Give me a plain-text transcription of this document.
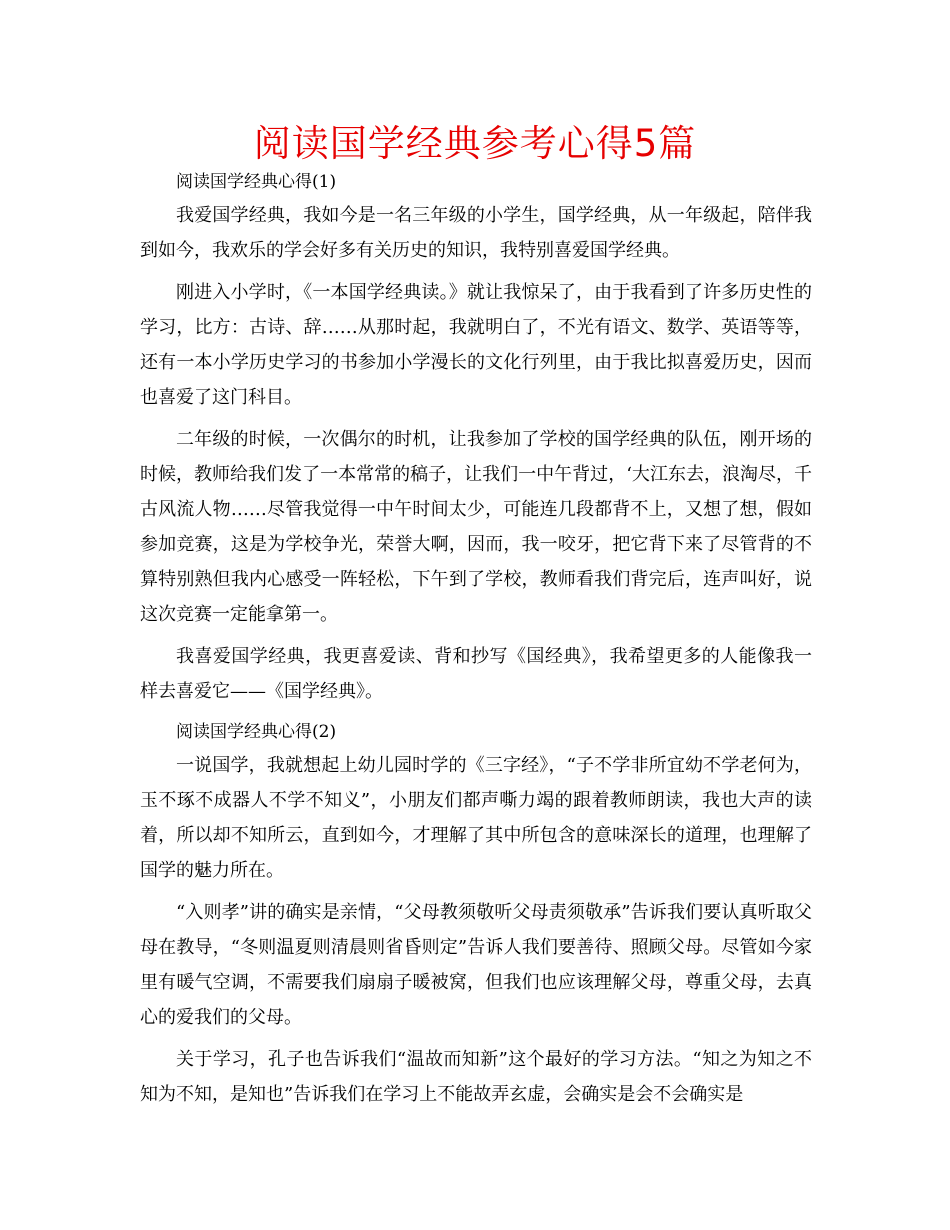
阅读国学经典参考心得5篇

阅读国学经典心得(1)

我爱国学经典，我如今是一名三年级的小学生，国学经典，从一年级起，陪伴我到如今，我欢乐的学会好多有关历史的知识，我特别喜爱国学经典。

刚进入小学时，《一本国学经典读。》就让我惊呆了，由于我看到了许多历史性的学习，比方：古诗、辞……从那时起，我就明白了，不光有语文、数学、英语等等，还有一本小学历史学习的书参加小学漫长的文化行列里，由于我比拟喜爱历史，因而也喜爱了这门科目。

二年级的时候，一次偶尔的时机，让我参加了学校的国学经典的队伍，刚开场的时候，教师给我们发了一本常常的稿子，让我们一中午背过，‘大江东去，浪淘尽，千古风流人物……尽管我觉得一中午时间太少，可能连几段都背不上，又想了想，假如参加竞赛，这是为学校争光，荣誉大啊，因而，我一咬牙，把它背下来了尽管背的不算特别熟但我内心感受一阵轻松，下午到了学校，教师看我们背完后，连声叫好，说这次竞赛一定能拿第一。

我喜爱国学经典，我更喜爱读、背和抄写《国经典》，我希望更多的人能像我一样去喜爱它——《国学经典》。

阅读国学经典心得(2)

一说国学，我就想起上幼儿园时学的《三字经》，“子不学非所宜幼不学老何为，玉不琢不成器人不学不知义”，小朋友们都声嘶力竭的跟着教师朗读，我也大声的读着，所以却不知所云，直到如今，才理解了其中所包含的意味深长的道理，也理解了国学的魅力所在。

“入则孝”讲的确实是亲情，“父母教须敬听父母责须敬承”告诉我们要认真听取父母在教导，“冬则温夏则清晨则省昏则定”告诉人我们要善待、照顾父母。尽管如今家里有暖气空调，不需要我们扇扇子暖被窝，但我们也应该理解父母，尊重父母，去真心的爱我们的父母。

关于学习，孔子也告诉我们“温故而知新”这个最好的学习方法。“知之为知之不知为不知，是知也”告诉我们在学习上不能故弄玄虚，会确实是会不会确实是
